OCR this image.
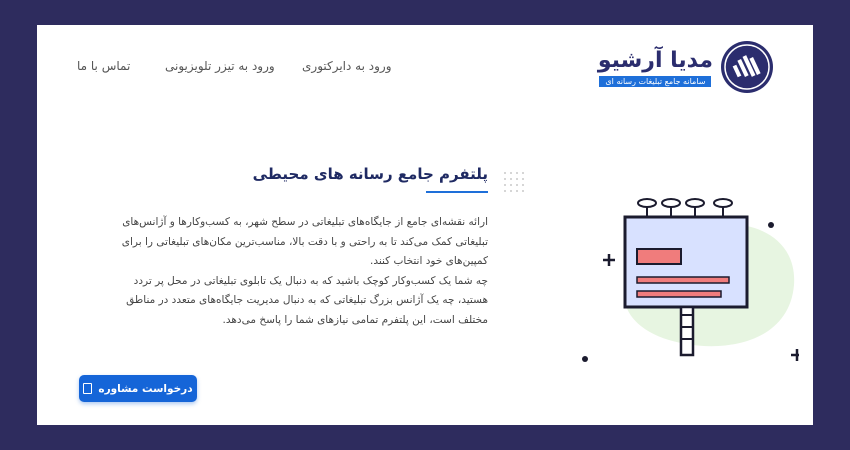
مدیا آرشیو
سامانه جامع تبلیغات رسانه ای
ورود به دایرکتوری
ورود به تیزر تلویزیونی
تماس با ما
پلتفرم جامع رسانه های محیطی

ارائه نقشه‌ای جامع از جایگاه‌های تبلیغاتی در سطح شهر، به کسب‌وکارها و آژانس‌های

تبلیغاتی کمک می‌کند تا به راحتی و با دقت بالا، مناسب‌ترین مکان‌های تبلیغاتی را برای

کمپین‌های خود انتخاب کنند.

چه شما یک کسب‌وکار کوچک باشید که به دنبال یک تابلوی تبلیغاتی در محل پر تردد

هستید، چه یک آژانس بزرگ تبلیغاتی که به دنبال مدیریت جایگاه‌های متعدد در مناطق

مختلف است، این پلتفرم تمامی نیازهای شما را پاسخ می‌دهد.

درخواست مشاوره
